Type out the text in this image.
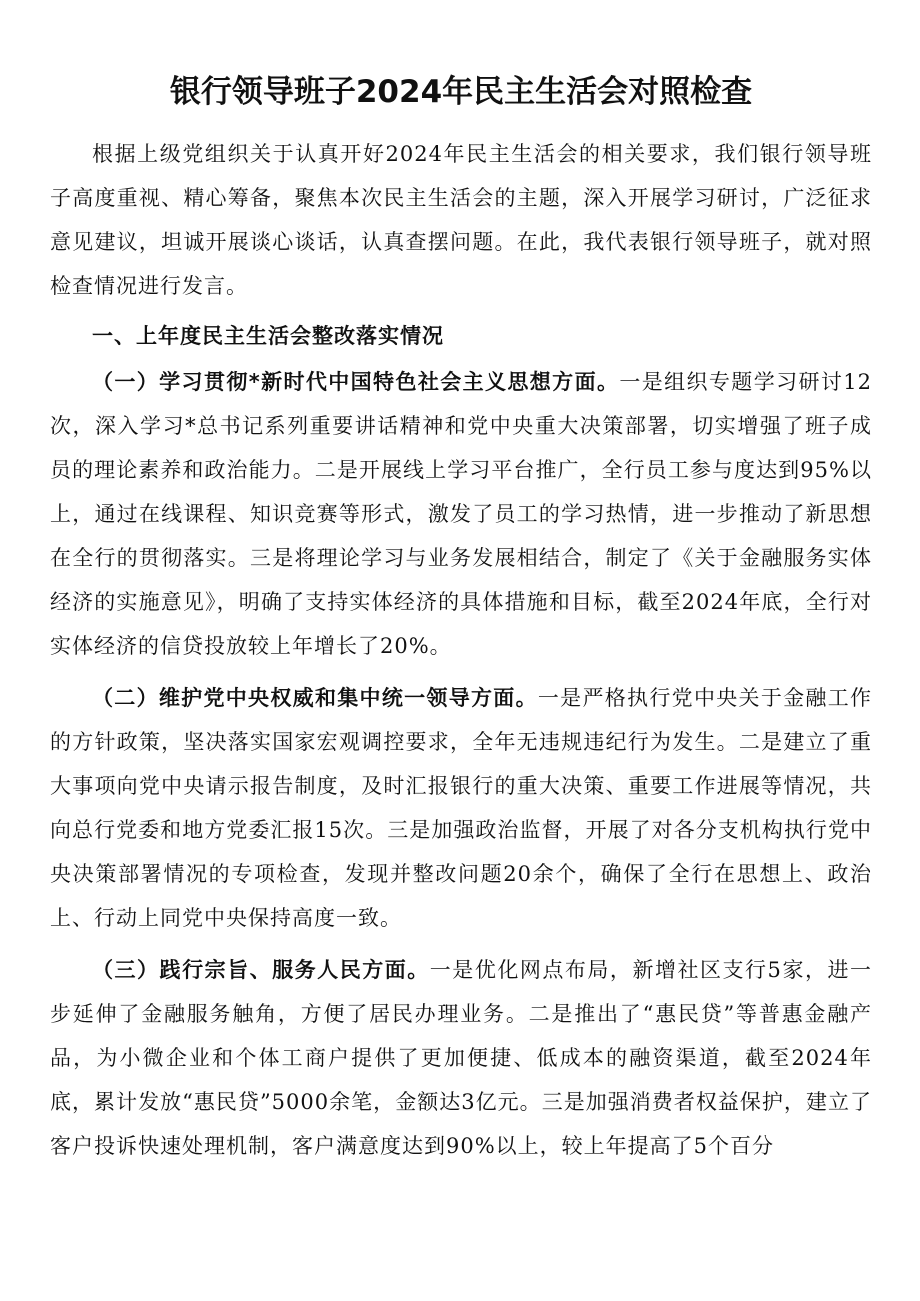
银行领导班子2024年民主生活会对照检查

根据上级党组织关于认真开好2024年民主生活会的相关要求，我们银行领导班子高度重视、精心筹备，聚焦本次民主生活会的主题，深入开展学习研讨，广泛征求意见建议，坦诚开展谈心谈话，认真查摆问题。在此，我代表银行领导班子，就对照检查情况进行发言。

一、上年度民主生活会整改落实情况

（一）学习贯彻*新时代中国特色社会主义思想方面。一是组织专题学习研讨12次，深入学习*总书记系列重要讲话精神和党中央重大决策部署，切实增强了班子成员的理论素养和政治能力。二是开展线上学习平台推广，全行员工参与度达到95%以上，通过在线课程、知识竞赛等形式，激发了员工的学习热情，进一步推动了新思想在全行的贯彻落实。三是将理论学习与业务发展相结合，制定了《关于金融服务实体经济的实施意见》，明确了支持实体经济的具体措施和目标，截至2024年底，全行对实体经济的信贷投放较上年增长了20%。

（二）维护党中央权威和集中统一领导方面。一是严格执行党中央关于金融工作的方针政策，坚决落实国家宏观调控要求，全年无违规违纪行为发生。二是建立了重大事项向党中央请示报告制度，及时汇报银行的重大决策、重要工作进展等情况，共向总行党委和地方党委汇报15次。三是加强政治监督，开展了对各分支机构执行党中央决策部署情况的专项检查，发现并整改问题20余个，确保了全行在思想上、政治上、行动上同党中央保持高度一致。

（三）践行宗旨、服务人民方面。一是优化网点布局，新增社区支行5家，进一步延伸了金融服务触角，方便了居民办理业务。二是推出了“惠民贷”等普惠金融产品，为小微企业和个体工商户提供了更加便捷、低成本的融资渠道，截至2024年底，累计发放“惠民贷”5000余笔，金额达3亿元。三是加强消费者权益保护，建立了客户投诉快速处理机制，客户满意度达到90%以上，较上年提高了5个百分
